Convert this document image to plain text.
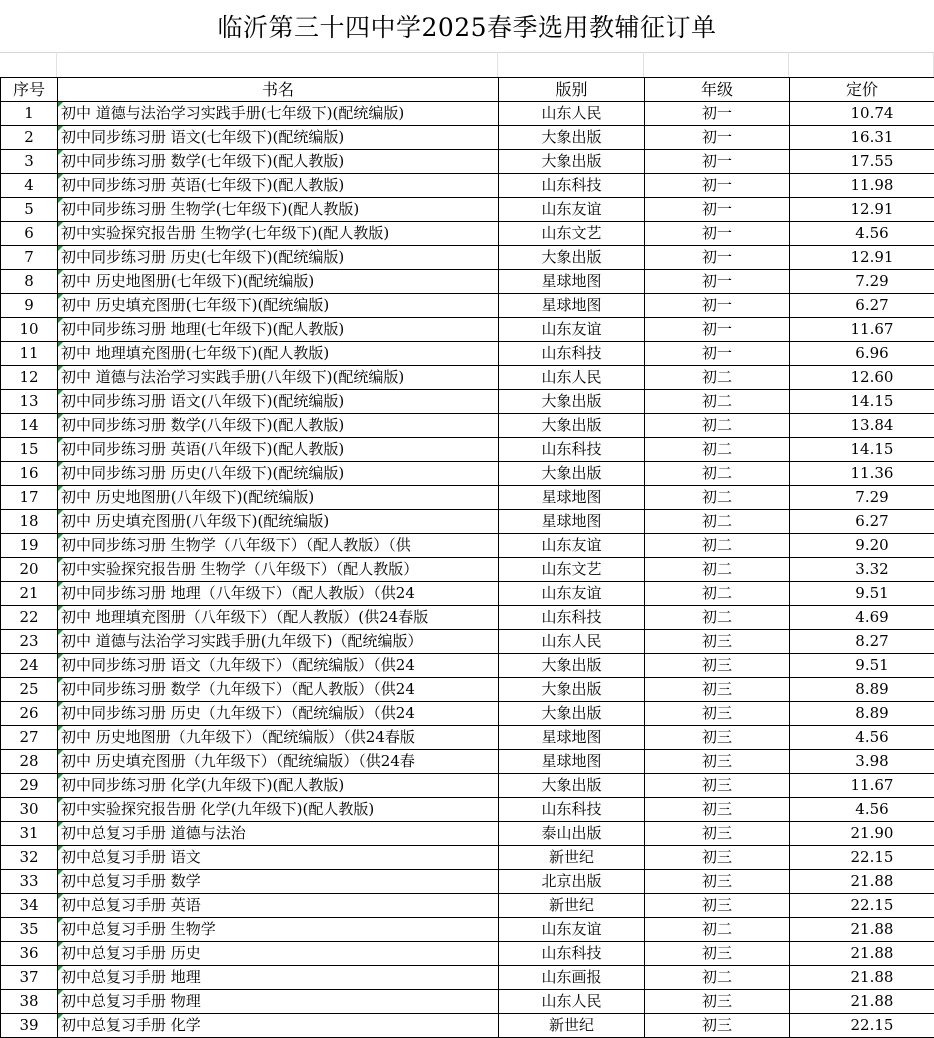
临沂第三十四中学2025春季选用教辅征订单
序号	书名	版别	年级	定价
1	初中 道德与法治学习实践手册(七年级下)(配统编版)	山东人民	初一	10.74
2	初中同步练习册 语文(七年级下)(配统编版)	大象出版	初一	16.31
3	初中同步练习册 数学(七年级下)(配人教版)	大象出版	初一	17.55
4	初中同步练习册 英语(七年级下)(配人教版)	山东科技	初一	11.98
5	初中同步练习册 生物学(七年级下)(配人教版)	山东友谊	初一	12.91
6	初中实验探究报告册 生物学(七年级下)(配人教版)	山东文艺	初一	4.56
7	初中同步练习册 历史(七年级下)(配统编版)	大象出版	初一	12.91
8	初中 历史地图册(七年级下)(配统编版)	星球地图	初一	7.29
9	初中 历史填充图册(七年级下)(配统编版)	星球地图	初一	6.27
10	初中同步练习册 地理(七年级下)(配人教版)	山东友谊	初一	11.67
11	初中 地理填充图册(七年级下)(配人教版)	山东科技	初一	6.96
12	初中 道德与法治学习实践手册(八年级下)(配统编版)	山东人民	初二	12.60
13	初中同步练习册 语文(八年级下)(配统编版)	大象出版	初二	14.15
14	初中同步练习册 数学(八年级下)(配人教版)	大象出版	初二	13.84
15	初中同步练习册 英语(八年级下)(配人教版)	山东科技	初二	14.15
16	初中同步练习册 历史(八年级下)(配统编版)	大象出版	初二	11.36
17	初中 历史地图册(八年级下)(配统编版)	星球地图	初二	7.29
18	初中 历史填充图册(八年级下)(配统编版)	星球地图	初二	6.27
19	初中同步练习册 生物学（八年级下）（配人教版）（供	山东友谊	初二	9.20
20	初中实验探究报告册 生物学（八年级下）（配人教版）	山东文艺	初二	3.32
21	初中同步练习册 地理（八年级下）（配人教版）（供24	山东友谊	初二	9.51
22	初中 地理填充图册（八年级下）（配人教版）(供24春版	山东科技	初二	4.69
23	初中 道德与法治学习实践手册(九年级下)（配统编版）	山东人民	初三	8.27
24	初中同步练习册 语文（九年级下）（配统编版）（供24	大象出版	初三	9.51
25	初中同步练习册 数学（九年级下）（配人教版）（供24	大象出版	初三	8.89
26	初中同步练习册 历史（九年级下）（配统编版）（供24	大象出版	初三	8.89
27	初中 历史地图册（九年级下）（配统编版）（供24春版	星球地图	初三	4.56
28	初中 历史填充图册（九年级下）（配统编版）（供24春	星球地图	初三	3.98
29	初中同步练习册 化学(九年级下)(配人教版)	大象出版	初三	11.67
30	初中实验探究报告册 化学(九年级下)(配人教版)	山东科技	初三	4.56
31	初中总复习手册 道德与法治	泰山出版	初三	21.90
32	初中总复习手册 语文	新世纪	初三	22.15
33	初中总复习手册 数学	北京出版	初三	21.88
34	初中总复习手册 英语	新世纪	初三	22.15
35	初中总复习手册 生物学	山东友谊	初二	21.88
36	初中总复习手册 历史	山东科技	初三	21.88
37	初中总复习手册 地理	山东画报	初二	21.88
38	初中总复习手册 物理	山东人民	初三	21.88
39	初中总复习手册 化学	新世纪	初三	22.15
